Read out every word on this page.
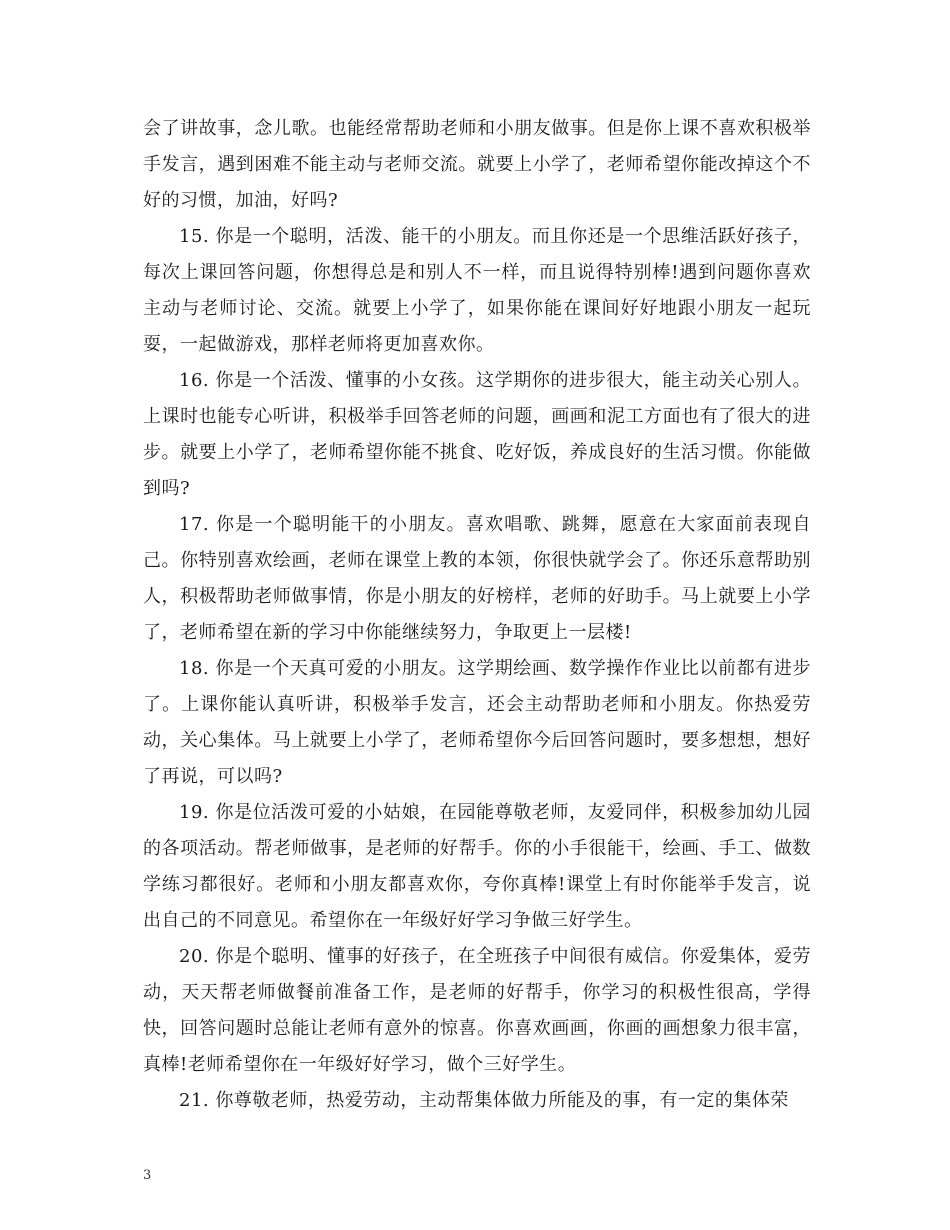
会了讲故事，念儿歌。也能经常帮助老师和小朋友做事。但是你上课不喜欢积极举手发言，遇到困难不能主动与老师交流。就要上小学了，老师希望你能改掉这个不好的习惯，加油，好吗?

15. 你是一个聪明，活泼、能干的小朋友。而且你还是一个思维活跃好孩子，每次上课回答问题，你想得总是和别人不一样，而且说得特别棒!遇到问题你喜欢主动与老师讨论、交流。就要上小学了，如果你能在课间好好地跟小朋友一起玩耍，一起做游戏，那样老师将更加喜欢你。

16. 你是一个活泼、懂事的小女孩。这学期你的进步很大，能主动关心别人。上课时也能专心听讲，积极举手回答老师的问题，画画和泥工方面也有了很大的进步。就要上小学了，老师希望你能不挑食、吃好饭，养成良好的生活习惯。你能做到吗?

17. 你是一个聪明能干的小朋友。喜欢唱歌、跳舞，愿意在大家面前表现自己。你特别喜欢绘画，老师在课堂上教的本领，你很快就学会了。你还乐意帮助别人，积极帮助老师做事情，你是小朋友的好榜样，老师的好助手。马上就要上小学了，老师希望在新的学习中你能继续努力，争取更上一层楼!

18. 你是一个天真可爱的小朋友。这学期绘画、数学操作作业比以前都有进步了。上课你能认真听讲，积极举手发言，还会主动帮助老师和小朋友。你热爱劳动，关心集体。马上就要上小学了，老师希望你今后回答问题时，要多想想，想好了再说，可以吗?

19. 你是位活泼可爱的小姑娘，在园能尊敬老师，友爱同伴，积极参加幼儿园的各项活动。帮老师做事，是老师的好帮手。你的小手很能干，绘画、手工、做数学练习都很好。老师和小朋友都喜欢你，夸你真棒!课堂上有时你能举手发言，说出自己的不同意见。希望你在一年级好好学习争做三好学生。

20. 你是个聪明、懂事的好孩子，在全班孩子中间很有威信。你爱集体，爱劳动，天天帮老师做餐前准备工作，是老师的好帮手，你学习的积极性很高，学得快，回答问题时总能让老师有意外的惊喜。你喜欢画画，你画的画想象力很丰富，真棒!老师希望你在一年级好好学习，做个三好学生。

21. 你尊敬老师，热爱劳动，主动帮集体做力所能及的事，有一定的集体荣

3
